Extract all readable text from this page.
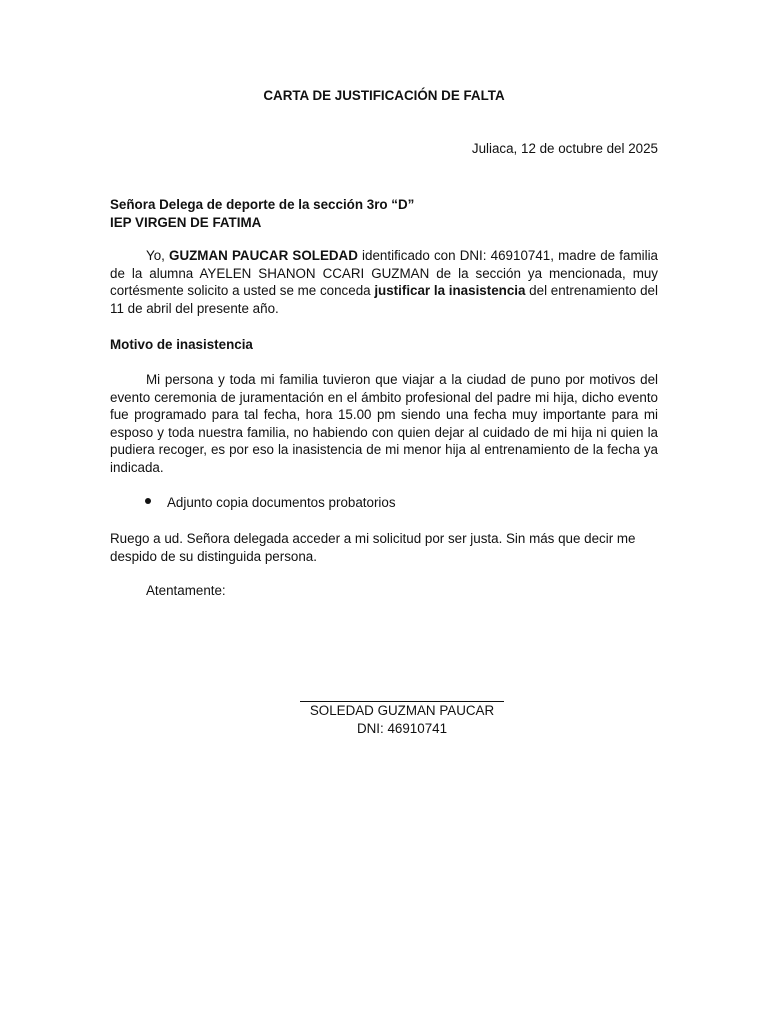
CARTA DE JUSTIFICACIÓN DE FALTA
Juliaca, 12 de octubre del 2025
Señora Delega de deporte de la sección 3ro “D”
IEP VIRGEN DE FATIMA

Yo, GUZMAN PAUCAR SOLEDAD identificado con DNI: 46910741, madre de familia de la alumna AYELEN SHANON CCARI GUZMAN de la sección ya mencionada, muy cortésmente solicito a usted se me conceda justificar la inasistencia del entrenamiento del 11 de abril del presente año.

Motivo de inasistencia

Mi persona y toda mi familia tuvieron que viajar a la ciudad de puno por motivos del evento ceremonia de juramentación en el ámbito profesional del padre mi hija, dicho evento fue programado para tal fecha, hora 15.00 pm siendo una fecha muy importante para mi esposo y toda nuestra familia, no habiendo con quien dejar al cuidado de mi hija ni quien la pudiera recoger, es por eso la inasistencia de mi menor hija al entrenamiento de la fecha ya indicada.

Adjunto copia documentos probatorios

Ruego a ud. Señora delegada acceder a mi solicitud por ser justa. Sin más que decir me despido de su distinguida persona.

Atentamente:
SOLEDAD GUZMAN PAUCAR
DNI: 46910741
